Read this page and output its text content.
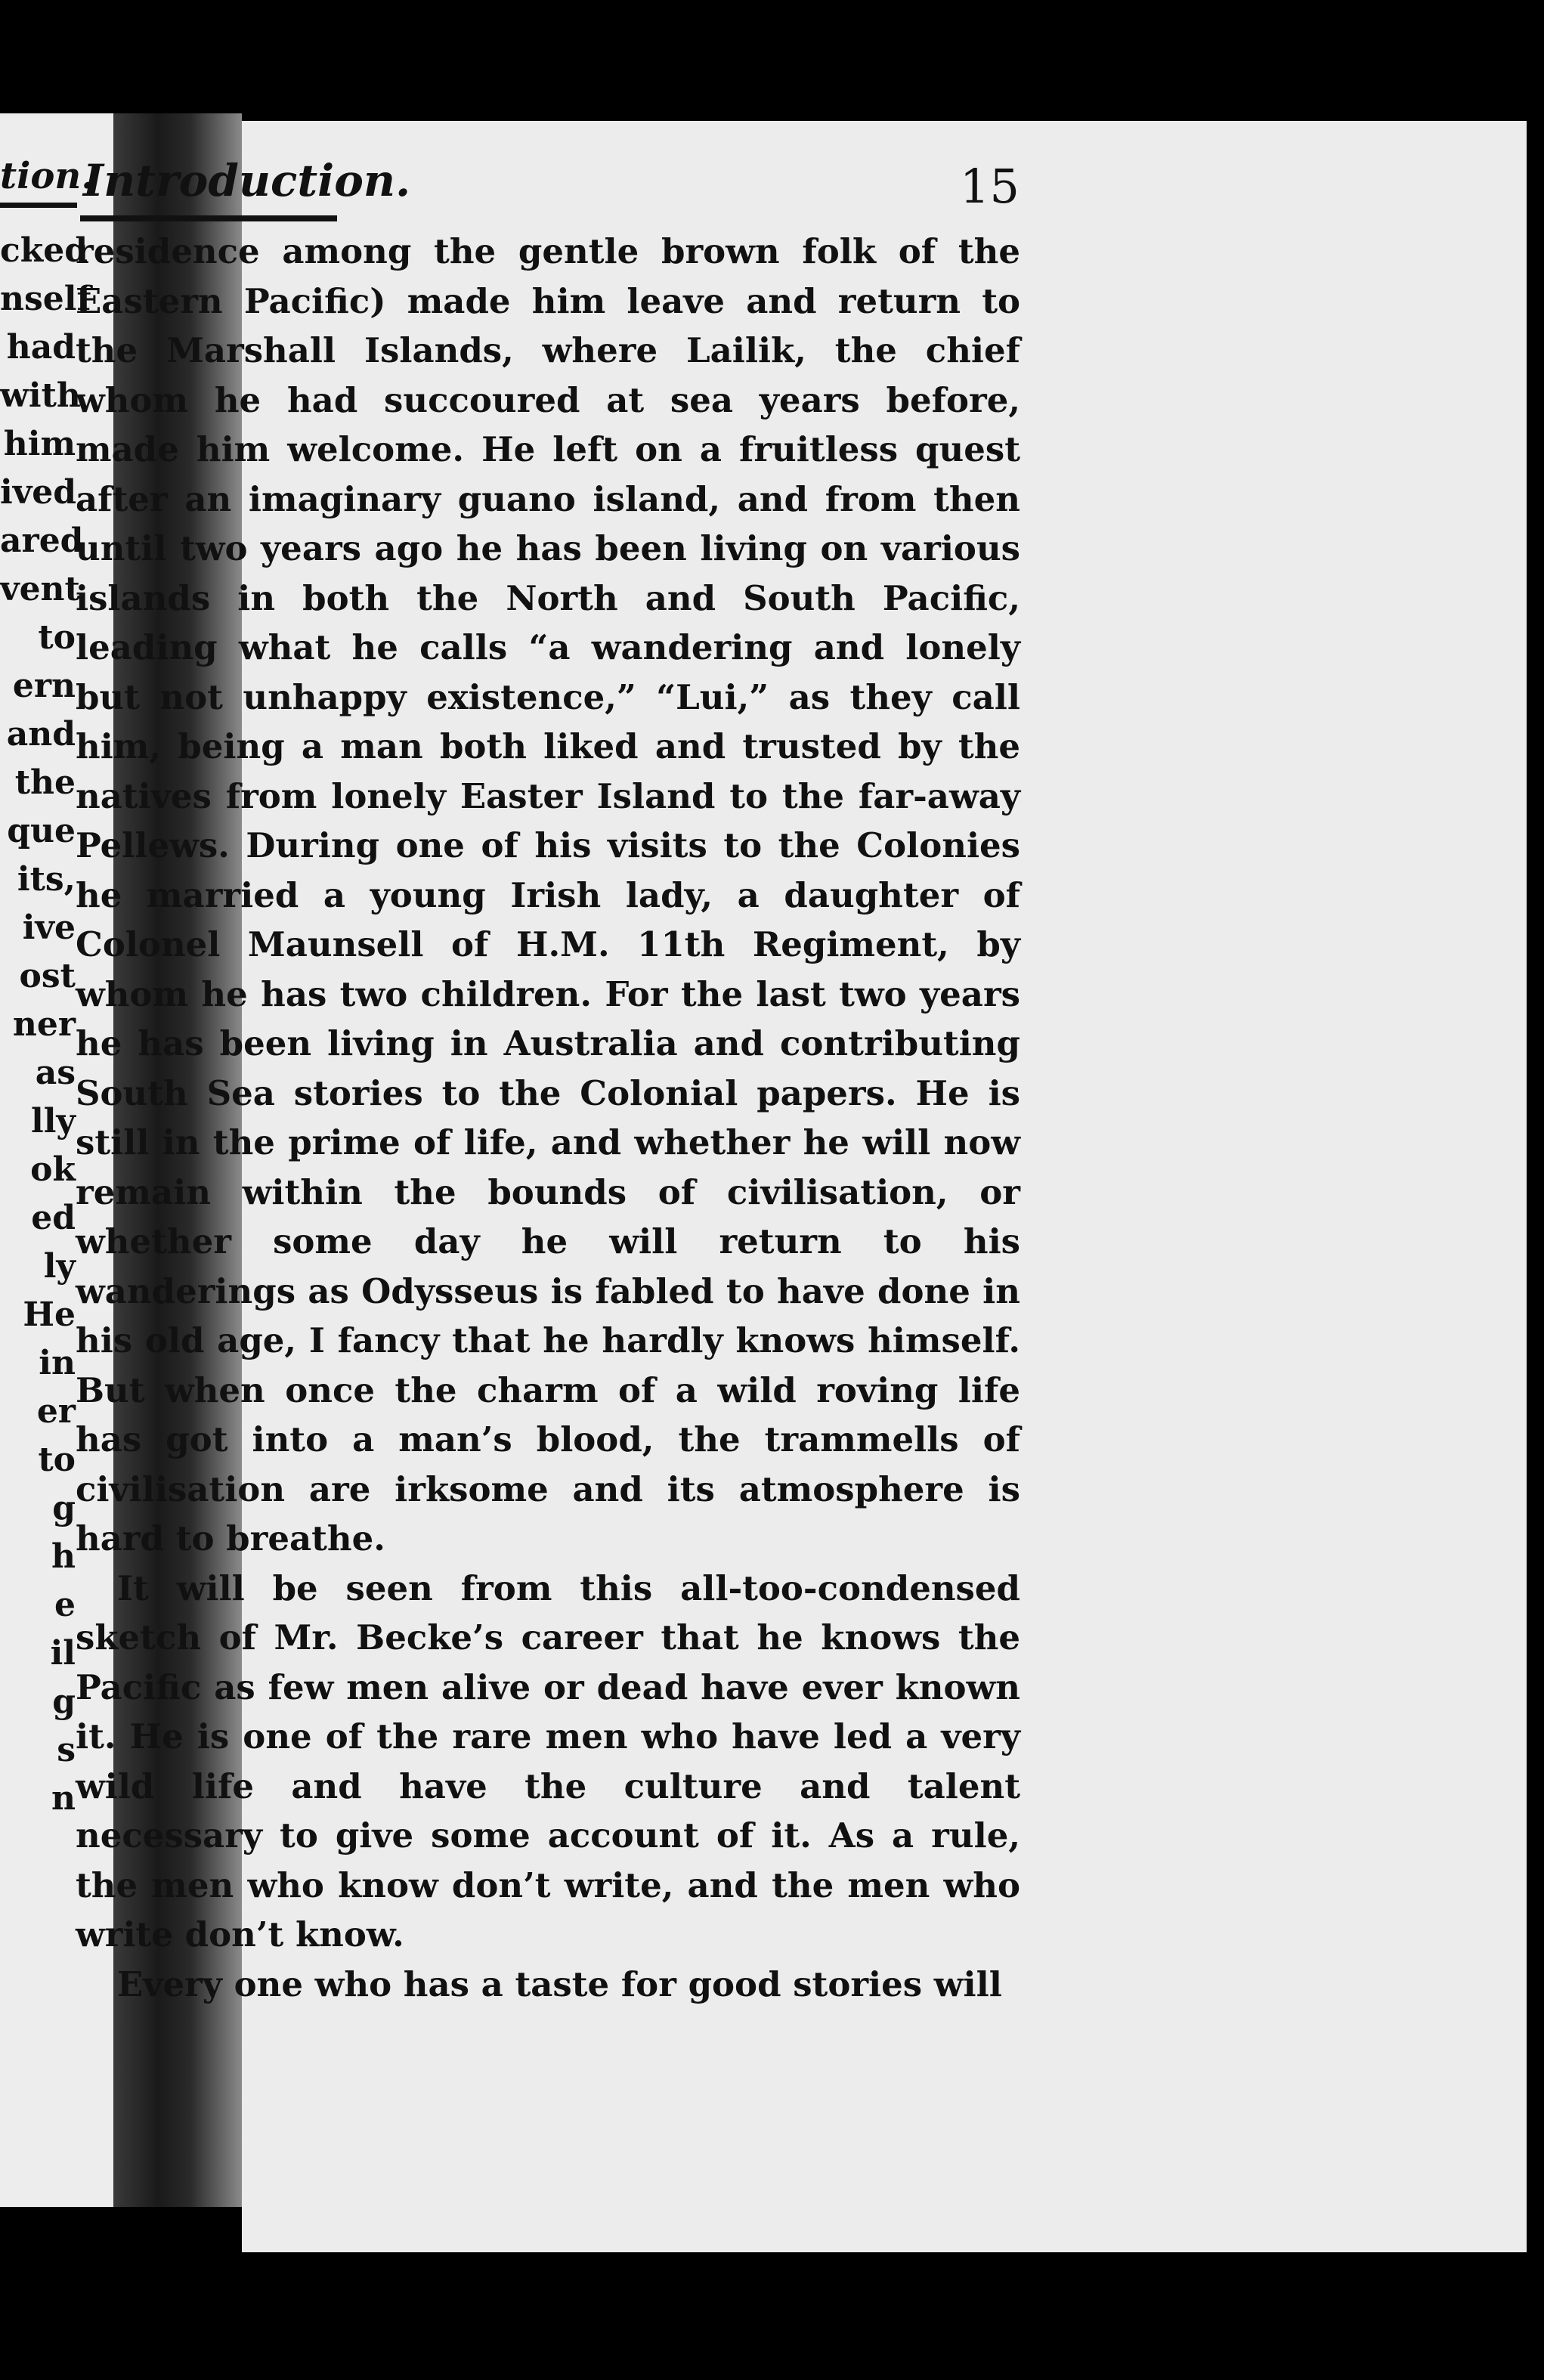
tion.
cked
nself
had
with
him
ived
ared
vent
to
ern
and
the
que
its,
ive
ost
ner
as
lly
ok
ed
ly
He
in
er
to
g
h
e
il
g
s
n
Introduction.	15

residence among the gentle brown folk of the Eastern Pacific) made him leave and return to the Marshall Islands, where Lailik, the chief whom he had succoured at sea years before, made him welcome. He left on a fruitless quest after an imaginary guano island, and from then until two years ago he has been living on various islands in both the North and South Pacific, leading what he calls “a wandering and lonely but not unhappy existence,” “Lui,” as they call him, being a man both liked and trusted by the natives from lonely Easter Island to the far-away Pellews. During one of his visits to the Colonies he married a young Irish lady, a daughter of Colonel Maunsell of H.M. 11th Regiment, by whom he has two children. For the last two years he has been living in Australia and contributing South Sea stories to the Colonial papers. He is still in the prime of life, and whether he will now remain within the bounds of civilisation, or whether some day he will return to his wanderings as Odysseus is fabled to have done in his old age, I fancy that he hardly knows himself. But when once the charm of a wild roving life has got into a man’s blood, the trammells of civilisation are irksome and its atmosphere is hard to breathe.

It will be seen from this all-too-condensed sketch of Mr. Becke’s career that he knows the Pacific as few men alive or dead have ever known it. He is one of the rare men who have led a very wild life and have the culture and talent necessary to give some account of it. As a rule, the men who know don’t write, and the men who write don’t know.

Every one who has a taste for good stories will
